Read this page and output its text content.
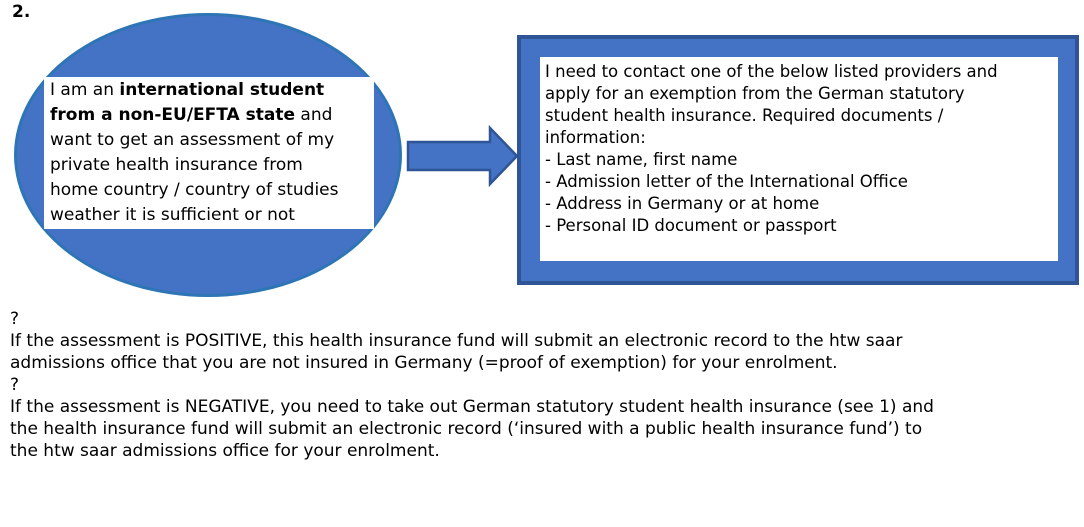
2.
I am an international student
from a non-EU/EFTA state and
want to get an assessment of my
private health insurance from
home country / country of studies
weather it is sufficient or not
I need to contact one of the below listed providers and
apply for an exemption from the German statutory
student health insurance. Required documents /
information:
- Last name, first name
- Admission letter of the International Office
- Address in Germany or at home
- Personal ID document or passport
?
If the assessment is POSITIVE, this health insurance fund will submit an electronic record to the htw saar
admissions office that you are not insured in Germany (=proof of exemption) for your enrolment.
?
If the assessment is NEGATIVE, you need to take out German statutory student health insurance (see 1) and
the health insurance fund will submit an electronic record (‘insured with a public health insurance fund’) to
the htw saar admissions office for your enrolment.
